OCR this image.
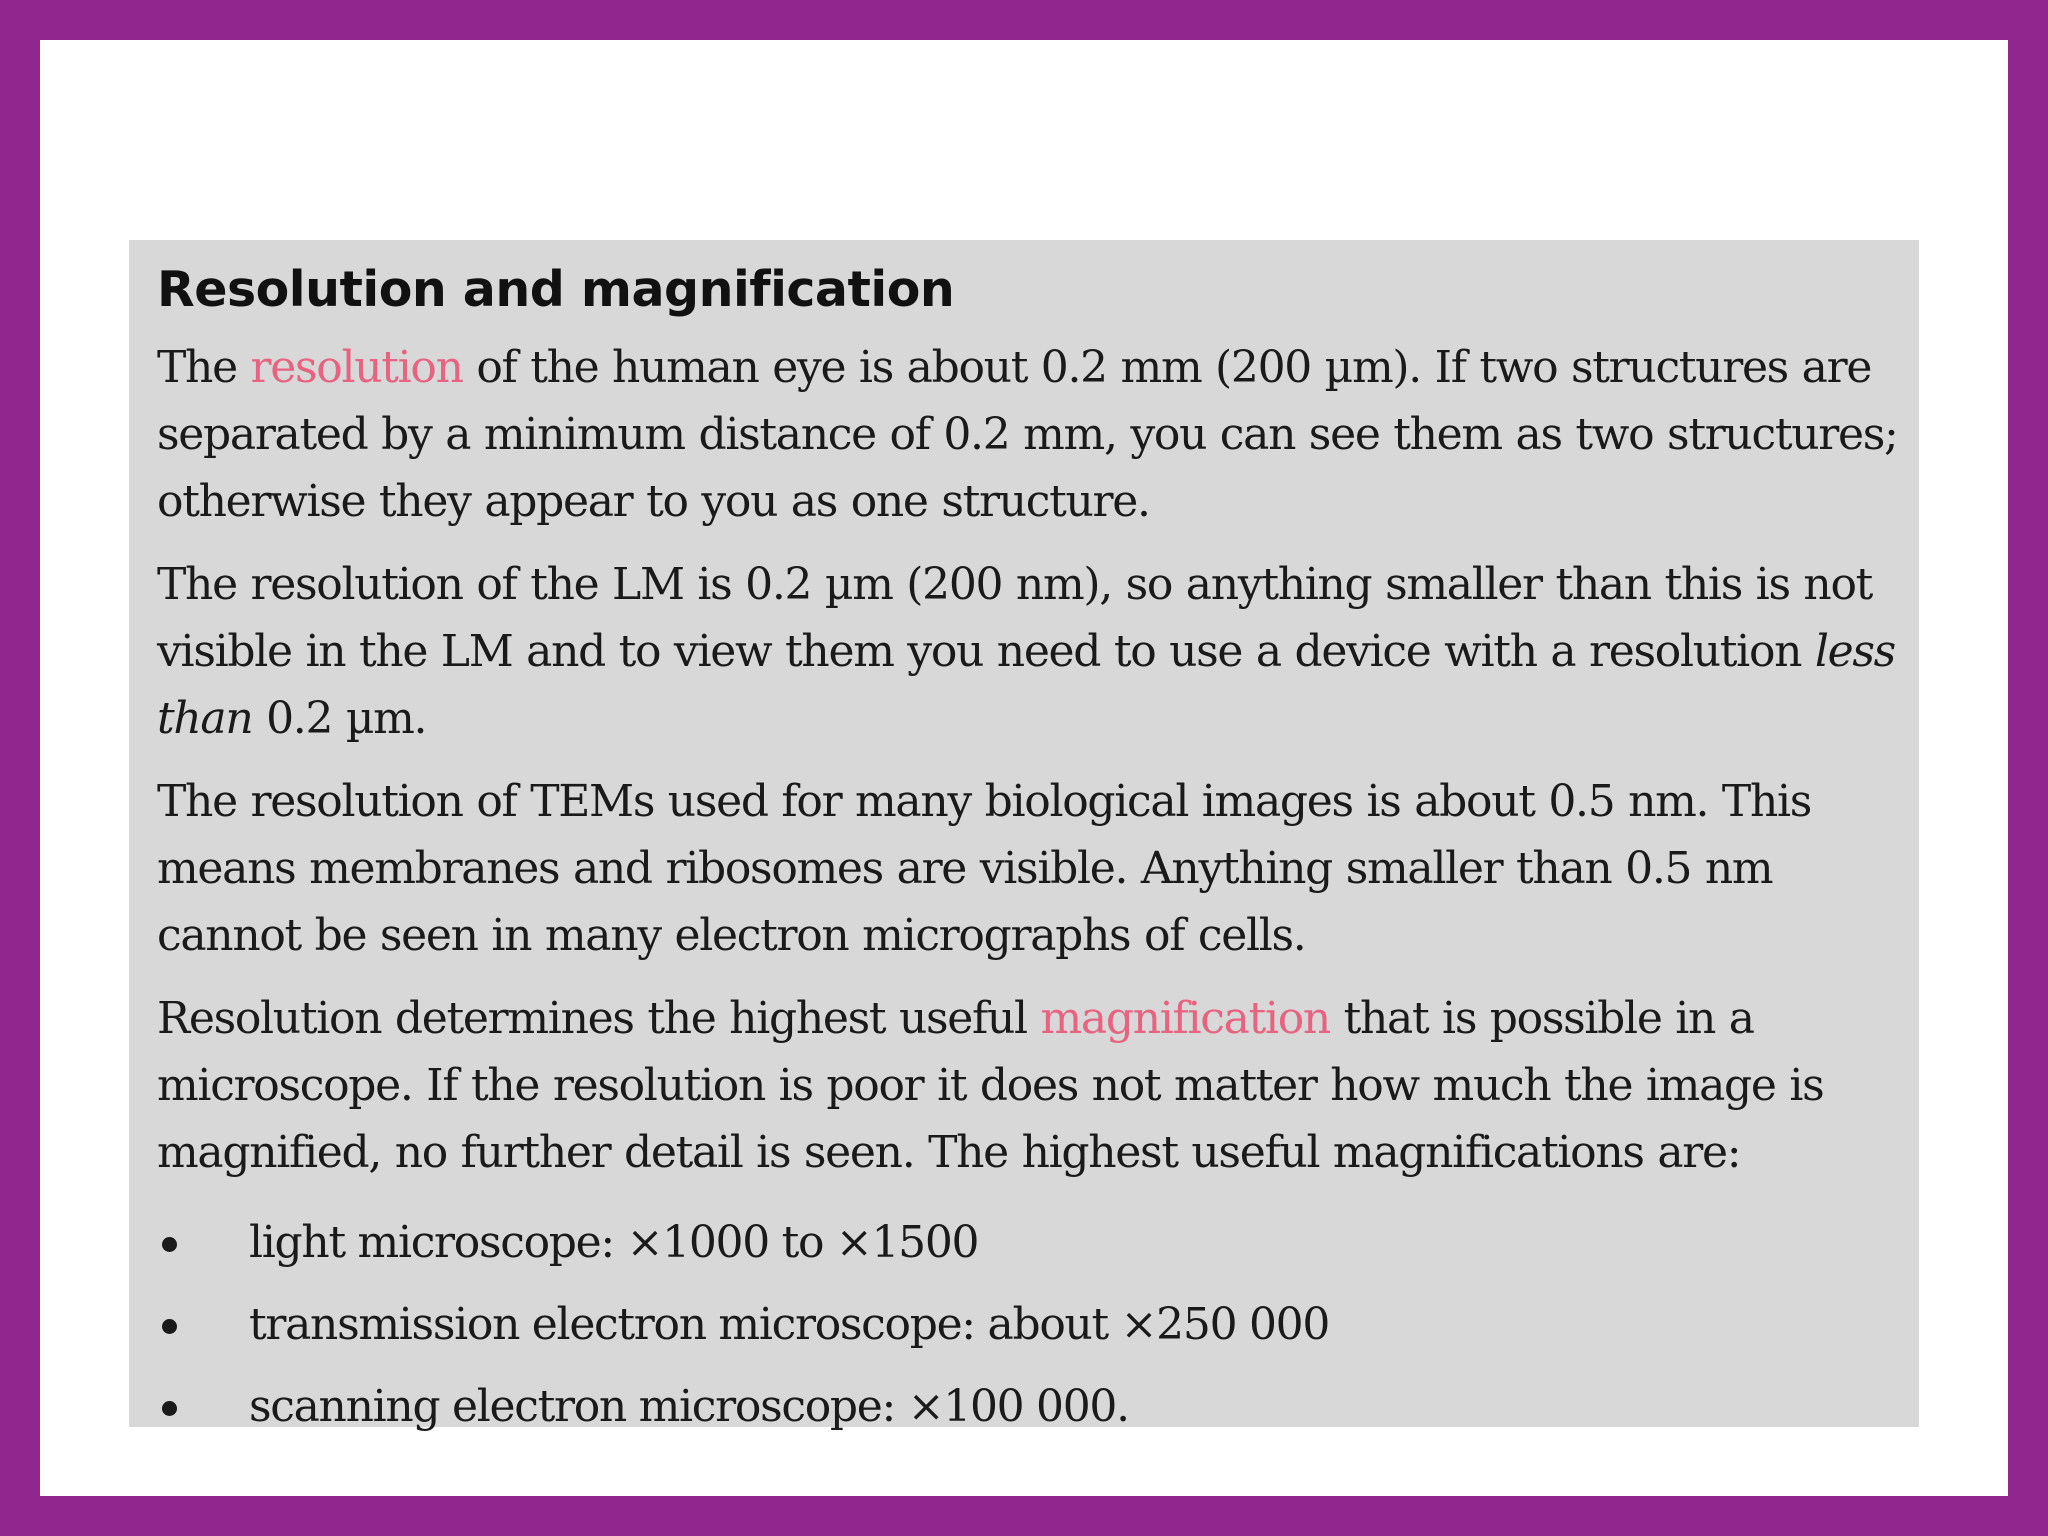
Resolution and magnification

The resolution of the human eye is about 0.2 mm (200 µm). If two structures are separated by a minimum distance of 0.2 mm, you can see them as two structures; otherwise they appear to you as one structure.

The resolution of the LM is 0.2 µm (200 nm), so anything smaller than this is not visible in the LM and to view them you need to use a device with a resolution less than 0.2 µm.

The resolution of TEMs used for many biological images is about 0.5 nm. This means membranes and ribosomes are visible. Anything smaller than 0.5 nm cannot be seen in many electron micrographs of cells.

Resolution determines the highest useful magnification that is possible in a microscope. If the resolution is poor it does not matter how much the image is magnified, no further detail is seen. The highest useful magnifications are:

light microscope: ×1000 to ×1500
transmission electron microscope: about ×250 000
scanning electron microscope: ×100 000.
